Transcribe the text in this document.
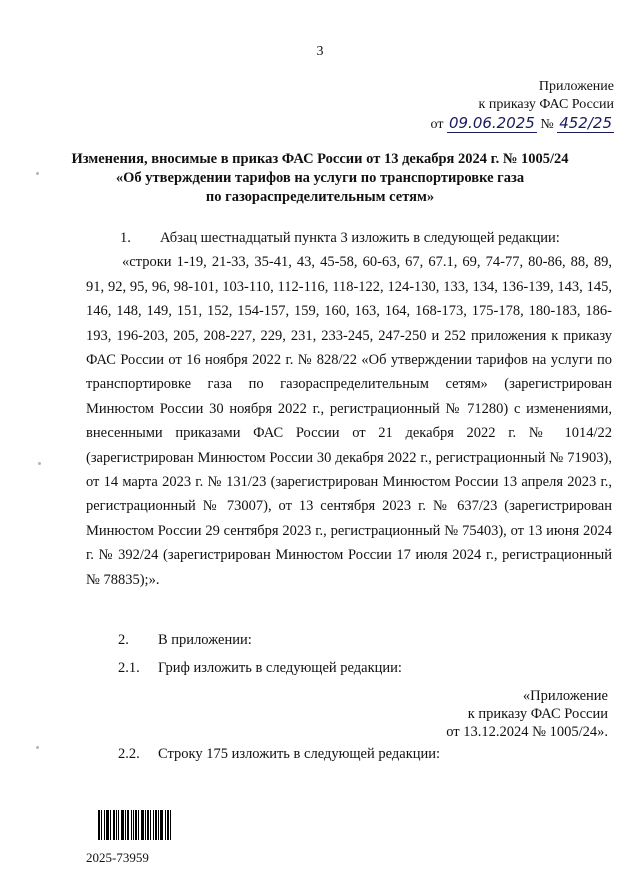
3
Приложение
к приказу ФАС России
от 09.06.2025 № 452/25
Изменения, вносимые в приказ ФАС России от 13 декабря 2024 г. № 1005/24
«Об утверждении тарифов на услуги по транспортировке газа
по газораспределительным сетям»
1. Абзац шестнадцатый пункта 3 изложить в следующей редакции:
«строки 1-19, 21-33, 35-41, 43, 45-58, 60-63, 67, 67.1, 69, 74-77, 80-86, 88, 89, 91, 92, 95, 96, 98-101, 103-110, 112-116, 118-122, 124-130, 133, 134, 136-139, 143, 145, 146, 148, 149, 151, 152, 154-157, 159, 160, 163, 164, 168-173, 175-178, 180-183, 186-193, 196-203, 205, 208-227, 229, 231, 233-245, 247-250 и 252 приложения к приказу ФАС России от 16 ноября 2022 г. № 828/22 «Об утверждении тарифов на услуги по транспортировке газа по газораспределительным сетям» (зарегистрирован Минюстом России 30 ноября 2022 г., регистрационный № 71280) с изменениями, внесенными приказами ФАС России от 21 декабря 2022 г. № 1014/22 (зарегистрирован Минюстом России 30 декабря 2022 г., регистрационный № 71903), от 14 марта 2023 г. № 131/23 (зарегистрирован Минюстом России 13 апреля 2023 г., регистрационный № 73007), от 13 сентября 2023 г. № 637/23 (зарегистрирован Минюстом России 29 сентября 2023 г., регистрационный № 75403), от 13 июня 2024 г. № 392/24 (зарегистрирован Минюстом России 17 июля 2024 г., регистрационный № 78835);».
2. В приложении:
2.1. Гриф изложить в следующей редакции:
«Приложение
к приказу ФАС России
от 13.12.2024 № 1005/24».
2.2. Строку 175 изложить в следующей редакции:
2025-73959
